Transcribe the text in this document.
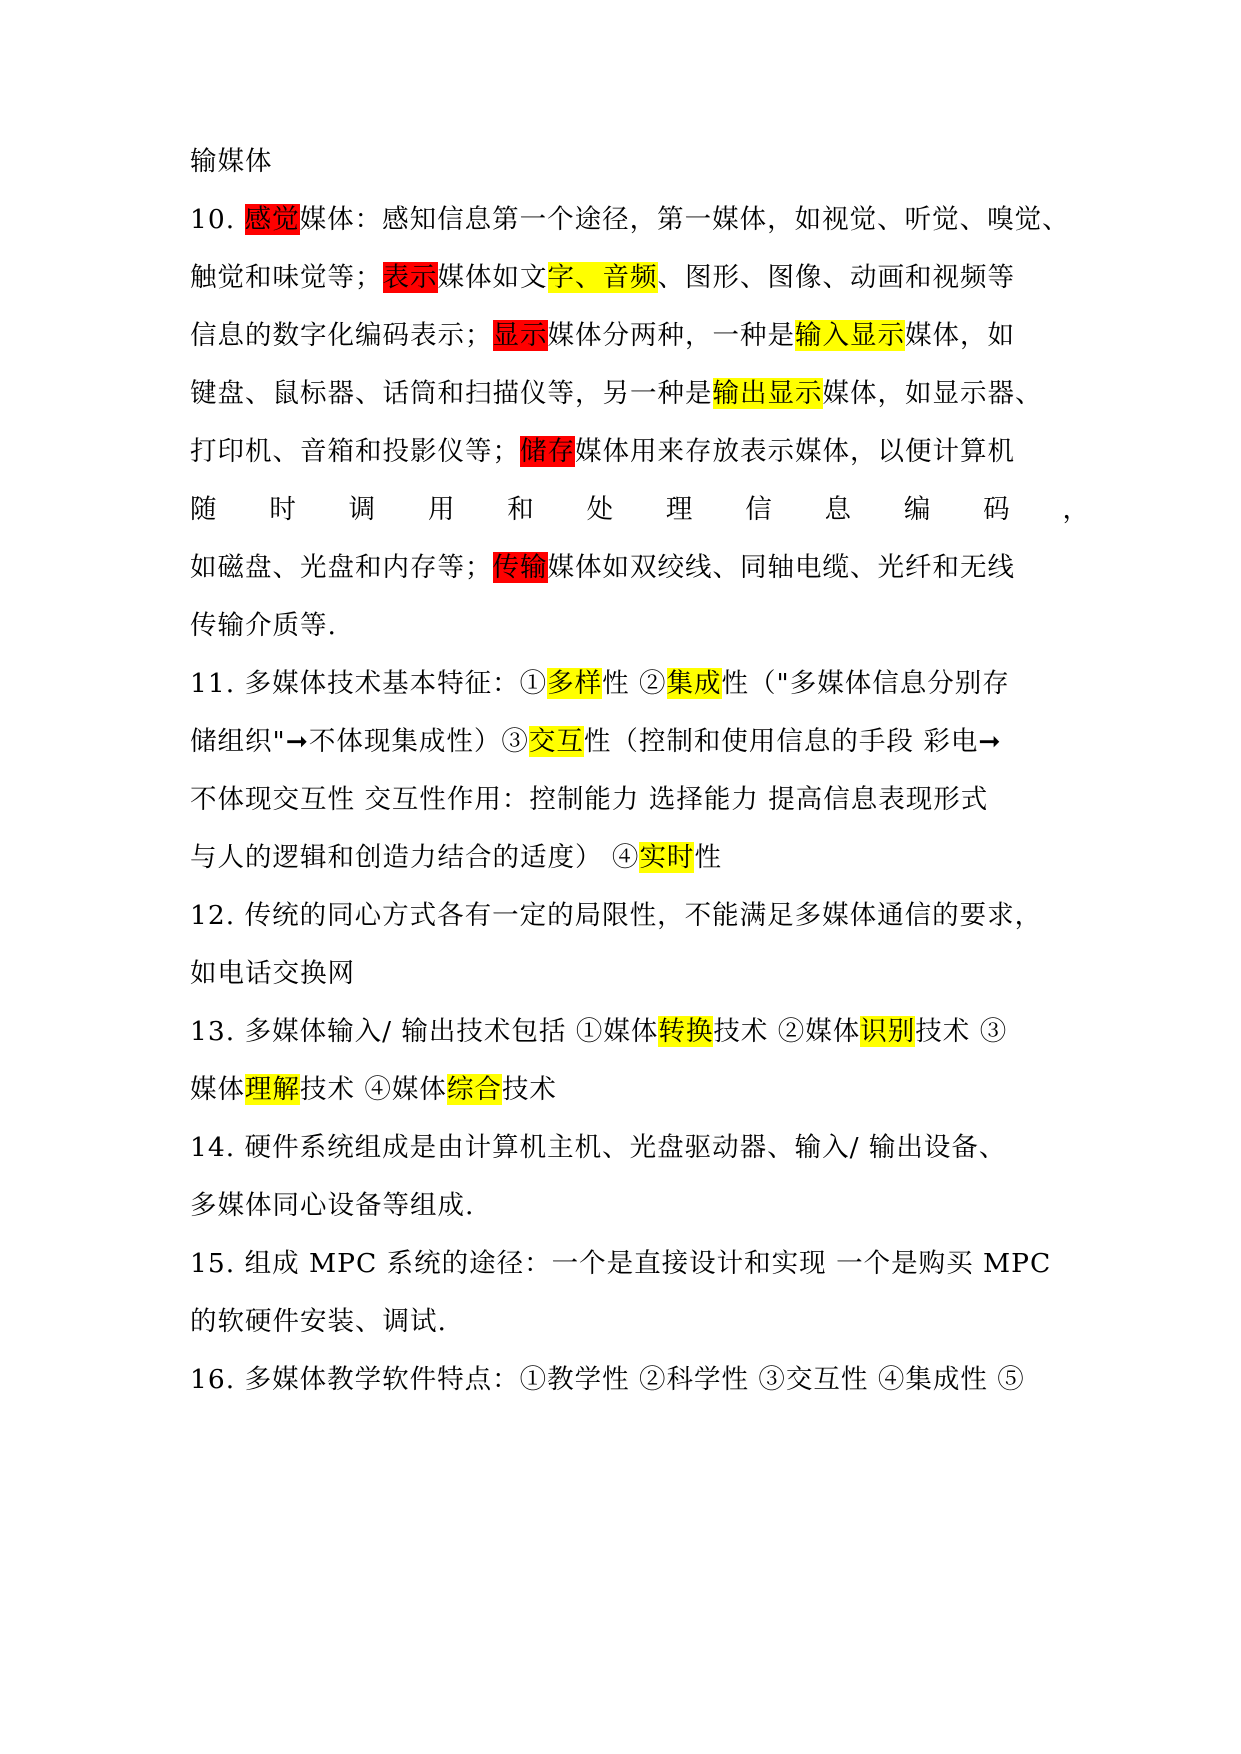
输媒体
10. 感觉媒体：感知信息第一个途径，第一媒体，如视觉、听觉、嗅觉、
触觉和味觉等；表示媒体如文字、音频、图形、图像、动画和视频等
信息的数字化编码表示；显示媒体分两种，一种是输入显示媒体，如
键盘、鼠标器、话筒和扫描仪等，另一种是输出显示媒体，如显示器、
打印机、音箱和投影仪等；储存媒体用来存放表示媒体，以便计算机
随 时 调 用 和 处 理 信 息 编 码 ，
如磁盘、光盘和内存等；传输媒体如双绞线、同轴电缆、光纤和无线
传输介质等.
11. 多媒体技术基本特征：①多样性 ②集成性（"多媒体信息分别存
储组织"➞不体现集成性）③交互性（控制和使用信息的手段 彩电➞
不体现交互性 交互性作用：控制能力 选择能力 提高信息表现形式
与人的逻辑和创造力结合的适度） ④实时性
12. 传统的同心方式各有一定的局限性，不能满足多媒体通信的要求，
如电话交换网
13. 多媒体输入/ 输出技术包括 ①媒体转换技术 ②媒体识别技术 ③
媒体理解技术 ④媒体综合技术
14. 硬件系统组成是由计算机主机、光盘驱动器、输入/ 输出设备、
多媒体同心设备等组成.
15. 组成 MPC 系统的途径：一个是直接设计和实现 一个是购买 MPC
的软硬件安装、调试.
16. 多媒体教学软件特点：①教学性 ②科学性 ③交互性 ④集成性 ⑤
